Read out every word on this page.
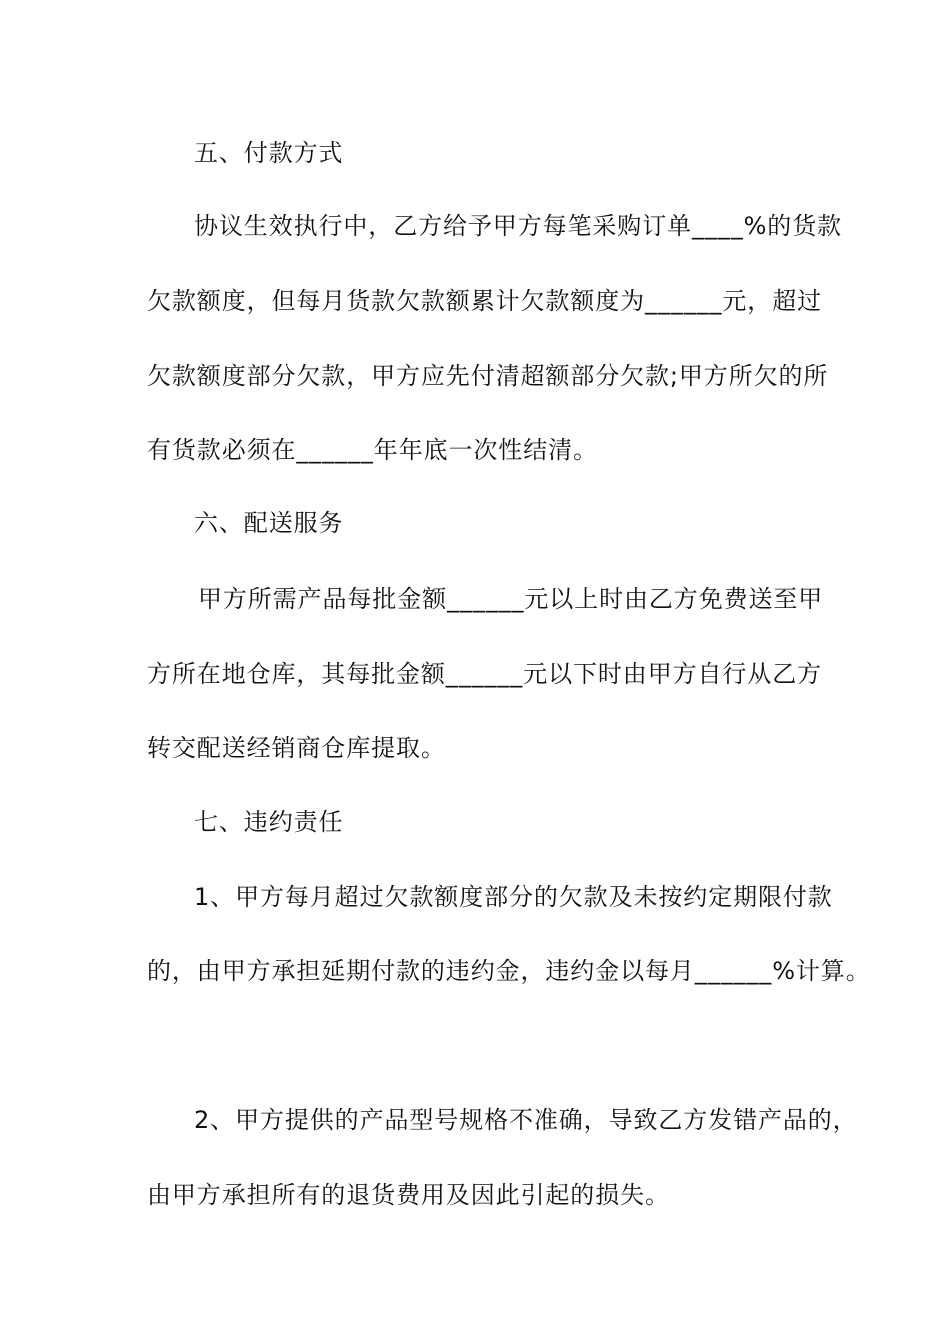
五、付款方式
协议生效执行中，乙方给予甲方每笔采购订单____%的货款
欠款额度，但每月货款欠款额累计欠款额度为______元，超过
欠款额度部分欠款，甲方应先付清超额部分欠款;甲方所欠的所
有货款必须在______年年底一次性结清。
六、配送服务
甲方所需产品每批金额______元以上时由乙方免费送至甲
方所在地仓库，其每批金额______元以下时由甲方自行从乙方
转交配送经销商仓库提取。
七、违约责任
1、甲方每月超过欠款额度部分的欠款及未按约定期限付款
的，由甲方承担延期付款的违约金，违约金以每月______%计算。
2、甲方提供的产品型号规格不准确，导致乙方发错产品的，
由甲方承担所有的退货费用及因此引起的损失。
